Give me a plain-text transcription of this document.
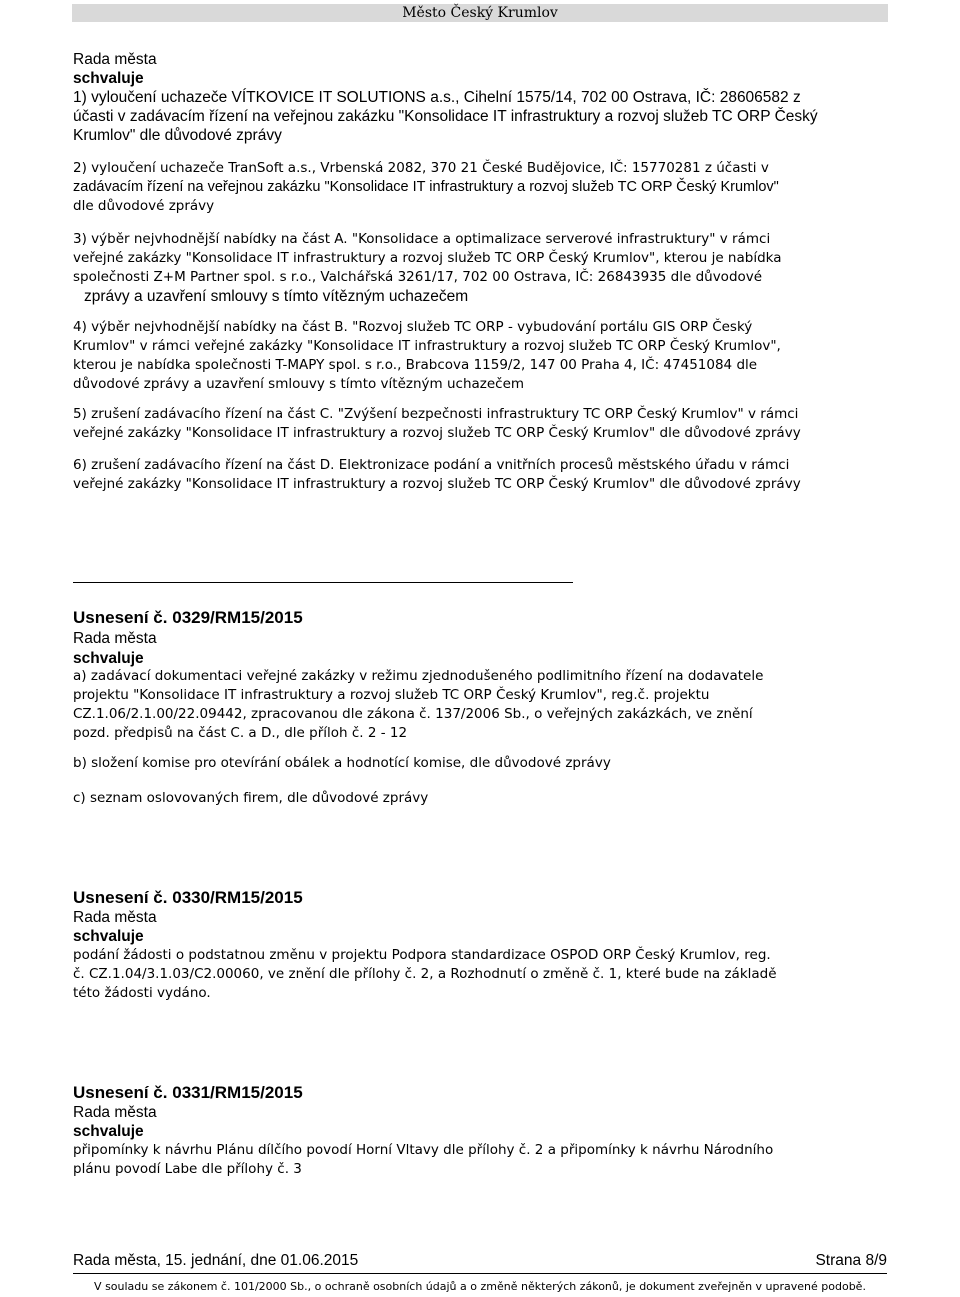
Město Český Krumlov
Rada města
schvaluje
1) vyloučení uchazeče VÍTKOVICE IT SOLUTIONS a.s., Cihelní 1575/14, 702 00 Ostrava, IČ: 28606582 z
účasti v zadávacím řízení na veřejnou zakázku "Konsolidace IT infrastruktury a rozvoj služeb TC ORP Český
Krumlov" dle důvodové zprávy
2) vyloučení uchazeče TranSoft a.s., Vrbenská 2082, 370 21 České Budějovice, IČ: 15770281 z účasti v
zadávacím řízení na veřejnou zakázku "Konsolidace IT infrastruktury a rozvoj služeb TC ORP Český Krumlov"
dle důvodové zprávy
3) výběr nejvhodnější nabídky na část A. "Konsolidace a optimalizace serverové infrastruktury" v rámci
veřejné zakázky "Konsolidace IT infrastruktury a rozvoj služeb TC ORP Český Krumlov", kterou je nabídka
společnosti Z+M Partner spol. s r.o., Valchářská 3261/17, 702 00 Ostrava, IČ: 26843935 dle důvodové
zprávy a uzavření smlouvy s tímto vítězným uchazečem
4) výběr nejvhodnější nabídky na část B. "Rozvoj služeb TC ORP - vybudování portálu GIS ORP Český
Krumlov" v rámci veřejné zakázky "Konsolidace IT infrastruktury a rozvoj služeb TC ORP Český Krumlov",
kterou je nabídka společnosti T-MAPY spol. s r.o., Brabcova 1159/2, 147 00 Praha 4, IČ: 47451084 dle
důvodové zprávy a uzavření smlouvy s tímto vítězným uchazečem
5) zrušení zadávacího řízení na část C. "Zvýšení bezpečnosti infrastruktury TC ORP Český Krumlov" v rámci
veřejné zakázky "Konsolidace IT infrastruktury a rozvoj služeb TC ORP Český Krumlov" dle důvodové zprávy
6) zrušení zadávacího řízení na část D. Elektronizace podání a vnitřních procesů městského úřadu v rámci
veřejné zakázky "Konsolidace IT infrastruktury a rozvoj služeb TC ORP Český Krumlov" dle důvodové zprávy
Usnesení č. 0329/RM15/2015
Rada města
schvaluje
a) zadávací dokumentaci veřejné zakázky v režimu zjednodušeného podlimitního řízení na dodavatele
projektu "Konsolidace IT infrastruktury a rozvoj služeb TC ORP Český Krumlov", reg.č. projektu
CZ.1.06/2.1.00/22.09442, zpracovanou dle zákona č. 137/2006 Sb., o veřejných zakázkách, ve znění
pozd. předpisů na část C. a D., dle příloh č. 2 - 12
b) složení komise pro otevírání obálek a hodnotící komise, dle důvodové zprávy
c) seznam oslovovaných firem, dle důvodové zprávy
Usnesení č. 0330/RM15/2015
Rada města
schvaluje
podání žádosti o podstatnou změnu v projektu Podpora standardizace OSPOD ORP Český Krumlov, reg.
č. CZ.1.04/3.1.03/C2.00060, ve znění dle přílohy č. 2, a Rozhodnutí o změně č. 1, které bude na základě
této žádosti vydáno.
Usnesení č. 0331/RM15/2015
Rada města
schvaluje
připomínky k návrhu Plánu dílčího povodí Horní Vltavy dle přílohy č. 2 a připomínky k návrhu Národního
plánu povodí Labe dle přílohy č. 3
Rada města, 15. jednání, dne 01.06.2015	Strana 8/9
V souladu se zákonem č. 101/2000 Sb., o ochraně osobních údajů a o změně některých zákonů, je dokument zveřejněn v upravené podobě.
